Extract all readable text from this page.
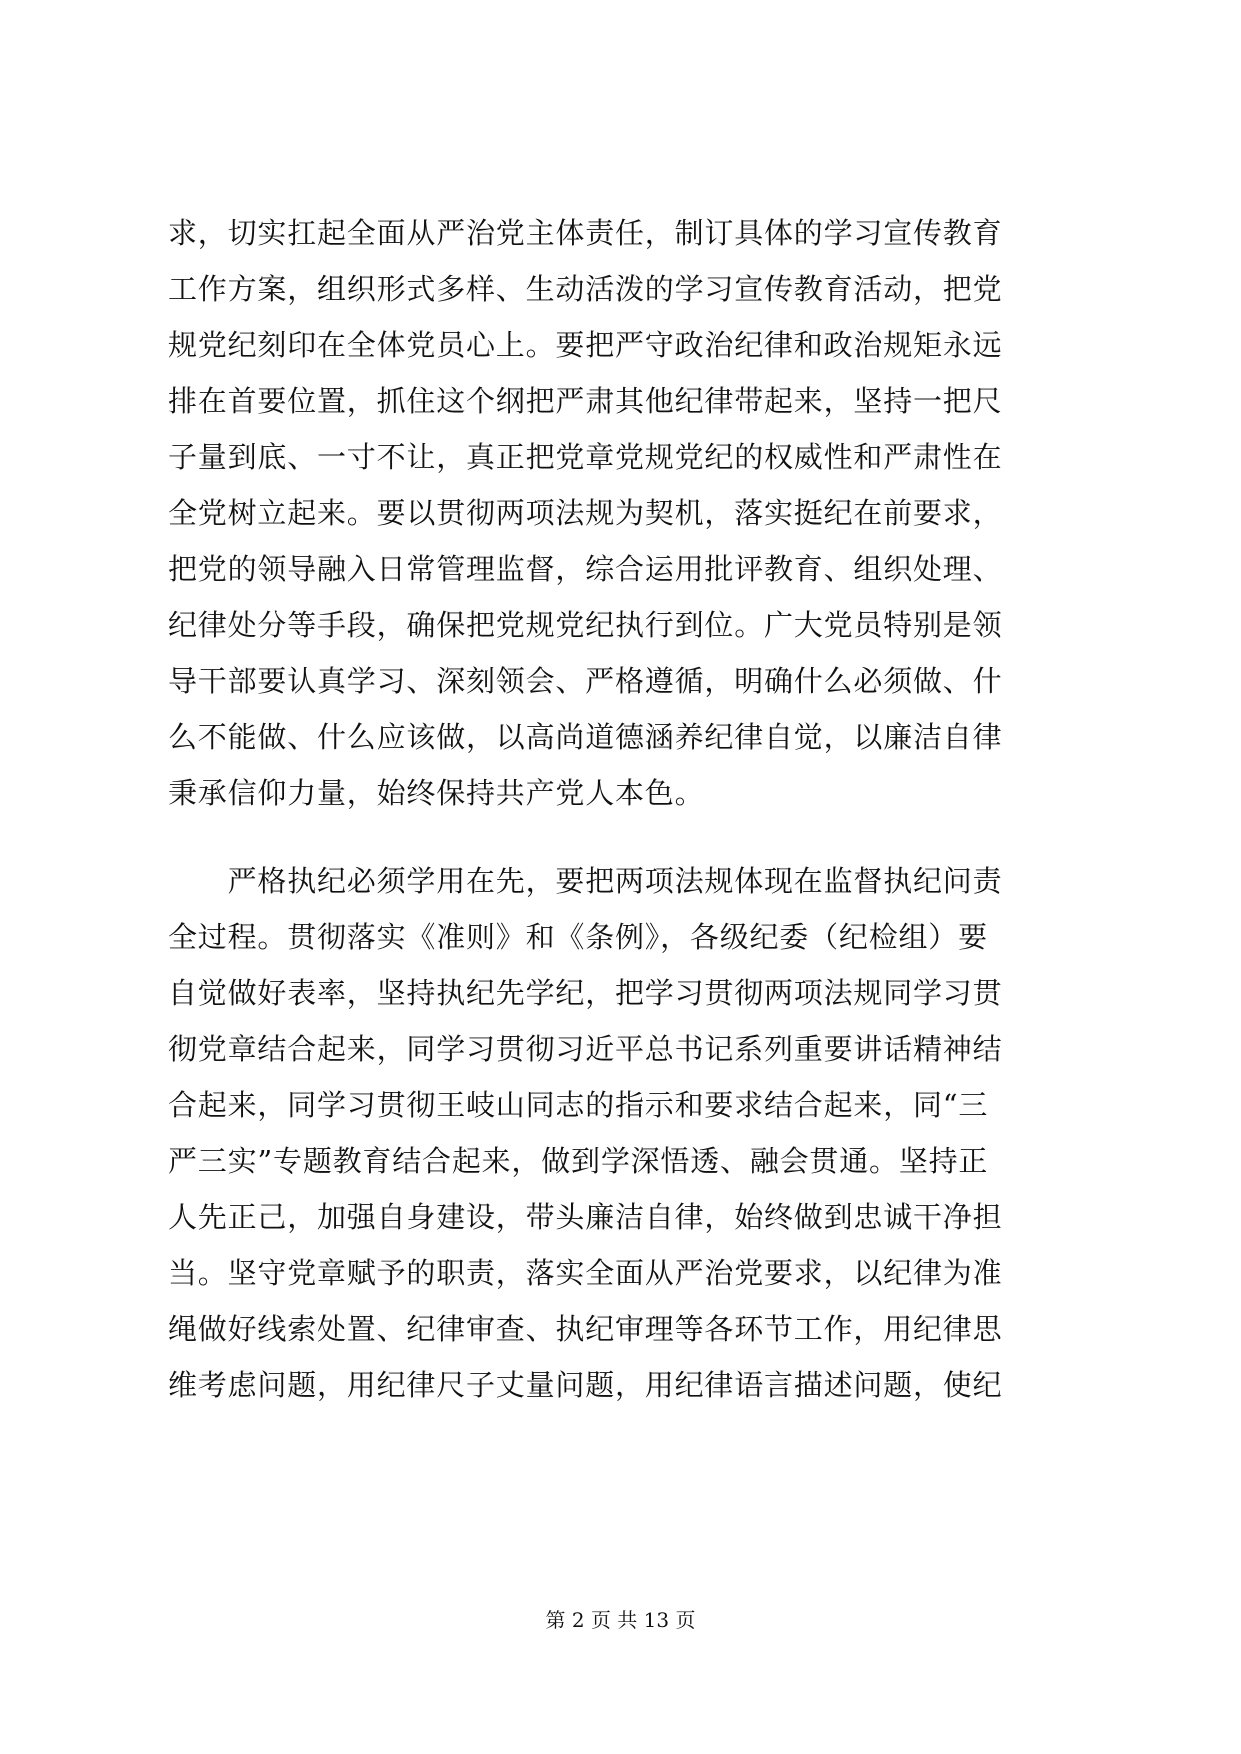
求，切实扛起全面从严治党主体责任，制订具体的学习宣传教育
工作方案，组织形式多样、生动活泼的学习宣传教育活动，把党
规党纪刻印在全体党员心上。要把严守政治纪律和政治规矩永远
排在首要位置，抓住这个纲把严肃其他纪律带起来，坚持一把尺
子量到底、一寸不让，真正把党章党规党纪的权威性和严肃性在
全党树立起来。要以贯彻两项法规为契机，落实挺纪在前要求，
把党的领导融入日常管理监督，综合运用批评教育、组织处理、
纪律处分等手段，确保把党规党纪执行到位。广大党员特别是领
导干部要认真学习、深刻领会、严格遵循，明确什么必须做、什
么不能做、什么应该做，以高尚道德涵养纪律自觉，以廉洁自律
秉承信仰力量，始终保持共产党人本色。
　　严格执纪必须学用在先，要把两项法规体现在监督执纪问责
全过程。贯彻落实《准则》和《条例》，各级纪委（纪检组）要
自觉做好表率，坚持执纪先学纪，把学习贯彻两项法规同学习贯
彻党章结合起来，同学习贯彻习近平总书记系列重要讲话精神结
合起来，同学习贯彻王岐山同志的指示和要求结合起来，同“三
严三实”专题教育结合起来，做到学深悟透、融会贯通。坚持正
人先正己，加强自身建设，带头廉洁自律，始终做到忠诚干净担
当。坚守党章赋予的职责，落实全面从严治党要求，以纪律为准
绳做好线索处置、纪律审查、执纪审理等各环节工作，用纪律思
维考虑问题，用纪律尺子丈量问题，用纪律语言描述问题，使纪
第 2 页 共 13 页
